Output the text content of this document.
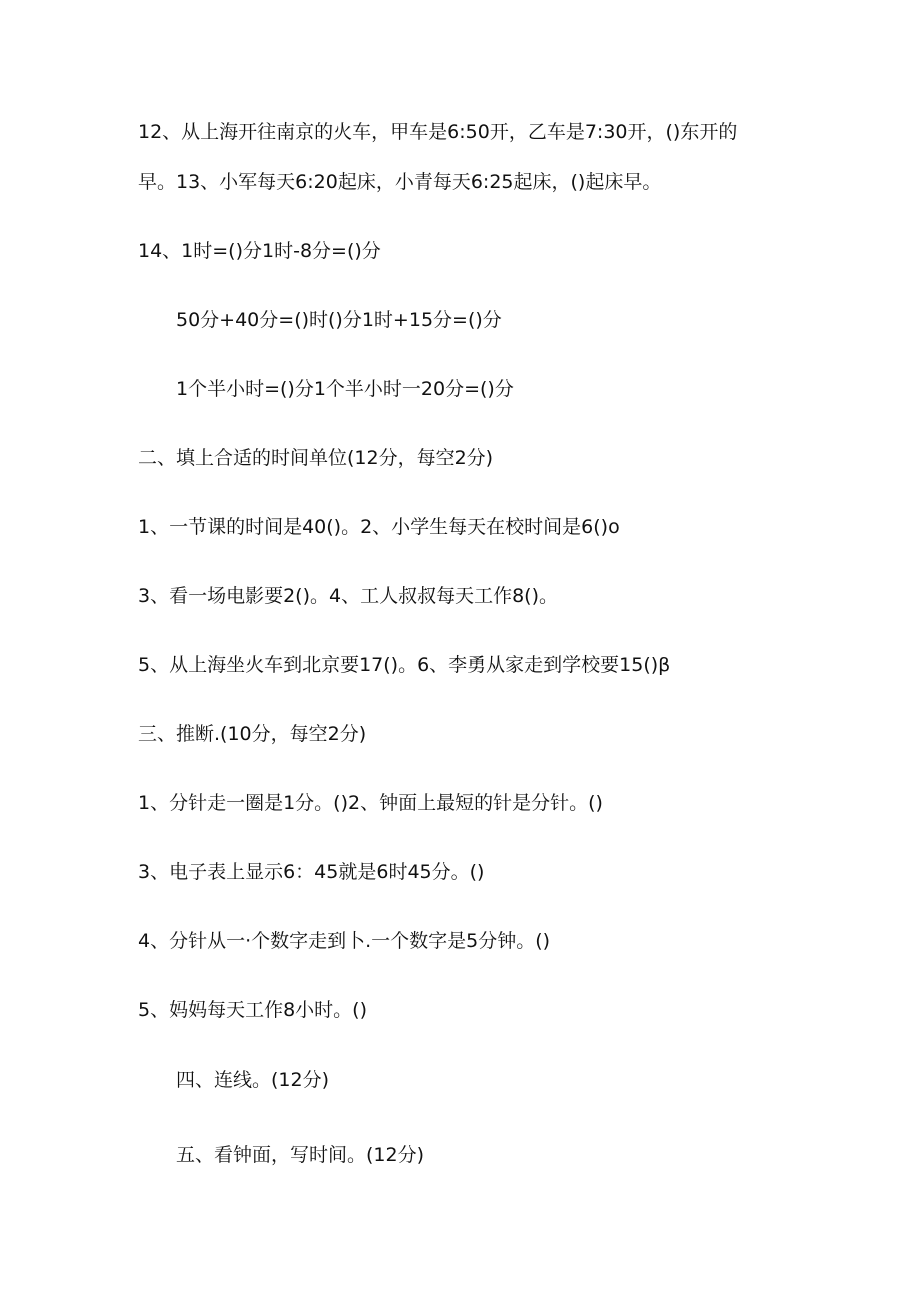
12、从上海开往南京的火车，甲车是6:50开，乙车是7:30开，()东开的
早。13、小军每天6:20起床，小青每天6:25起床，()起床早。
14、1时=()分1时-8分=()分
50分+40分=()时()分1时+15分=()分
1个半小时=()分1个半小时一20分=()分
二、填上合适的时间单位(12分，每空2分)
1、一节课的时间是40()。2、小学生每天在校时间是6()o
3、看一场电影要2()。4、工人叔叔每天工作8()。
5、从上海坐火车到北京要17()。6、李勇从家走到学校要15()β
三、推断.(10分，每空2分)
1、分针走一圈是1分。()2、钟面上最短的针是分针。()
3、电子表上显示6：45就是6时45分。()
4、分针从一·个数字走到卜.一个数字是5分钟。()
5、妈妈每天工作8小时。()
四、连线。(12分)
五、看钟面，写时间。(12分)
